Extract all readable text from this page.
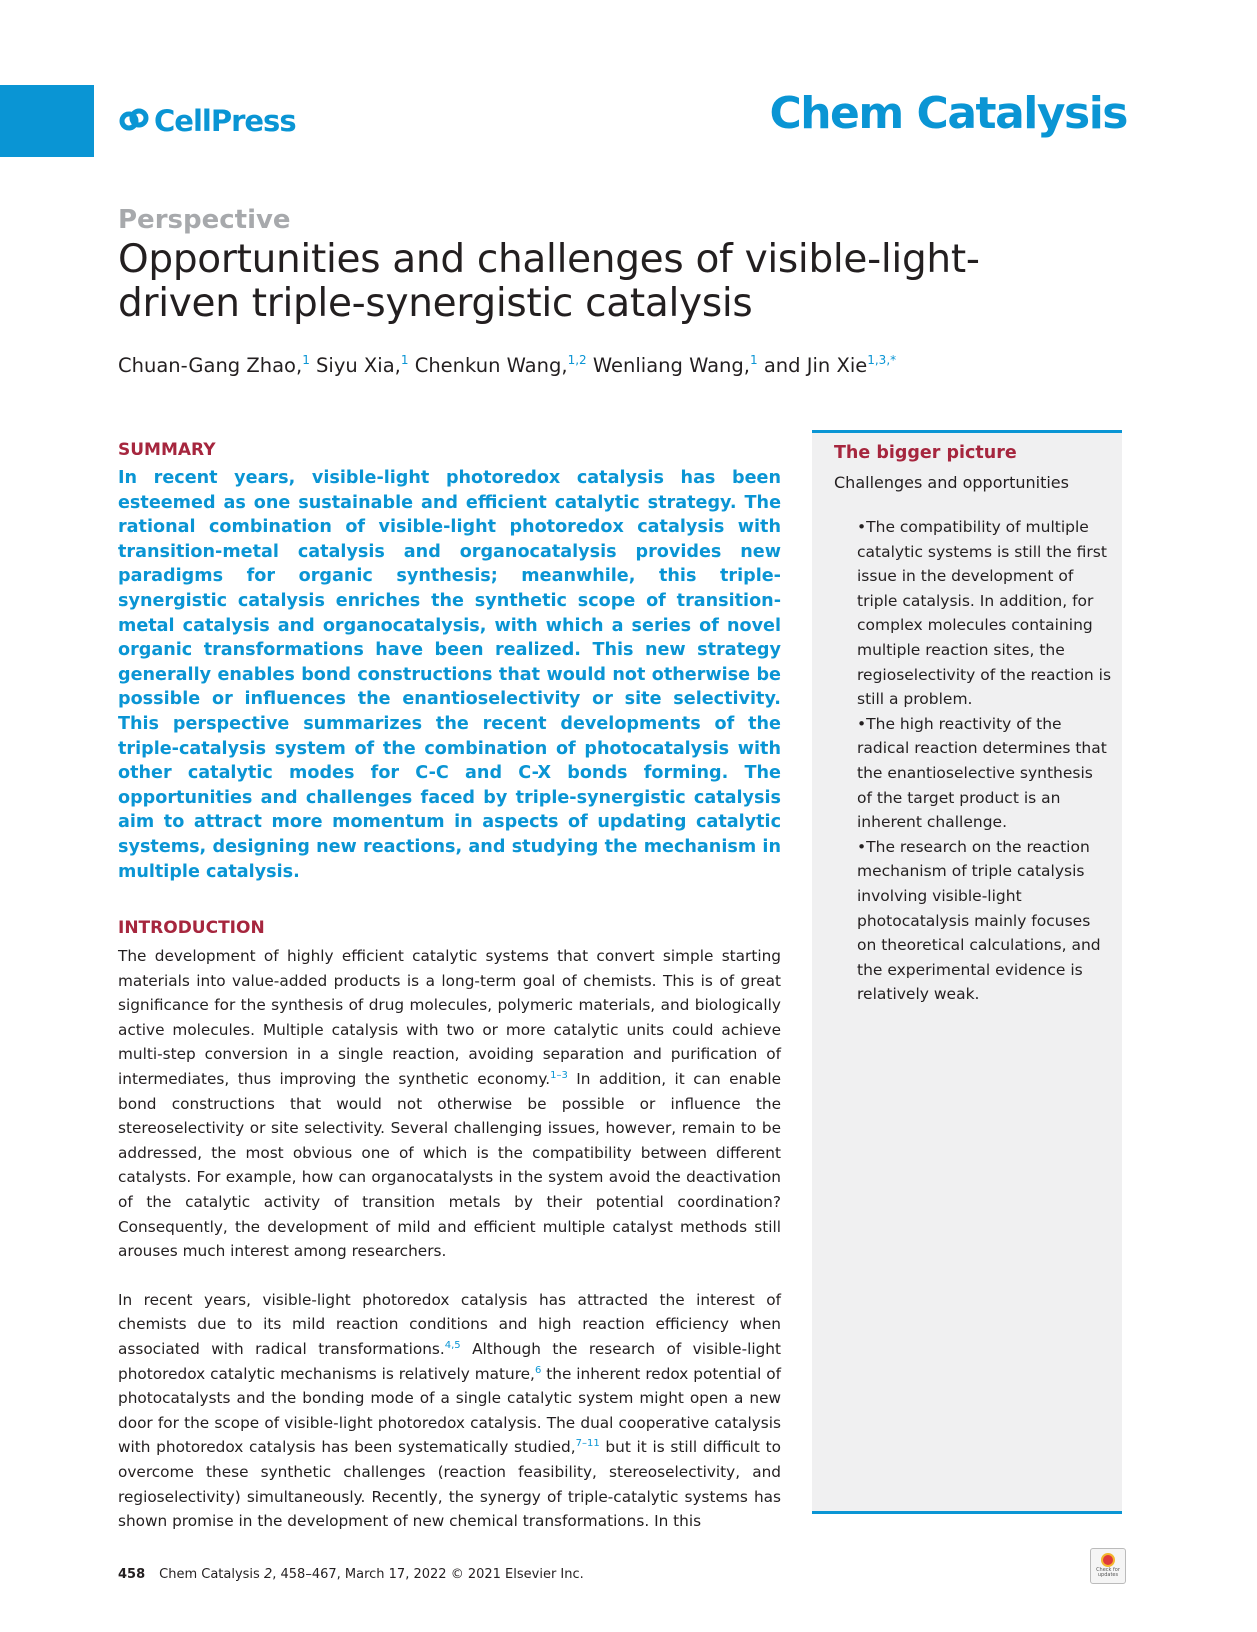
CellPress	Chem Catalysis
Perspective
Opportunities and challenges of visible-light-driven triple-synergistic catalysis
Chuan-Gang Zhao,$^1$ Siyu Xia,$^1$ Chenkun Wang,$^{1,2}$ Wenliang Wang,$^1$ and Jin Xie$^{1,3,*}$
SUMMARY

In recent years, visible-light photoredox catalysis has been esteemed as one sustainable and efficient catalytic strategy. The rational combination of visible-light photoredox catalysis with transition-metal catalysis and organocatalysis provides new paradigms for organic synthesis; meanwhile, this triple-synergistic catalysis enriches the synthetic scope of transition-metal catalysis and organocatalysis, with which a series of novel organic transformations have been realized. This new strategy generally enables bond constructions that would not otherwise be possible or influences the enantioselectivity or site selectivity. This perspective summarizes the recent developments of the triple-catalysis system of the combination of photocatalysis with other catalytic modes for C-C and C-X bonds forming. The opportunities and challenges faced by triple-synergistic catalysis aim to attract more momentum in aspects of updating catalytic systems, designing new reactions, and studying the mechanism in multiple catalysis.

INTRODUCTION

The development of highly efficient catalytic systems that convert simple starting materials into value-added products is a long-term goal of chemists. This is of great significance for the synthesis of drug molecules, polymeric materials, and biologically active molecules. Multiple catalysis with two or more catalytic units could achieve multi-step conversion in a single reaction, avoiding separation and purification of intermediates, thus improving the synthetic economy.$^{1-3}$ In addition, it can enable bond constructions that would not otherwise be possible or influence the stereoselectivity or site selectivity. Several challenging issues, however, remain to be addressed, the most obvious one of which is the compatibility between different catalysts. For example, how can organocatalysts in the system avoid the deactivation of the catalytic activity of transition metals by their potential coordination? Consequently, the development of mild and efficient multiple catalyst methods still arouses much interest among researchers.

In recent years, visible-light photoredox catalysis has attracted the interest of chemists due to its mild reaction conditions and high reaction efficiency when associated with radical transformations.$^{4,5}$ Although the research of visible-light photoredox catalytic mechanisms is relatively mature,$^6$ the inherent redox potential of photocatalysts and the bonding mode of a single catalytic system might open a new door for the scope of visible-light photoredox catalysis. The dual cooperative catalysis with photoredox catalysis has been systematically studied,$^{7-11}$ but it is still difficult to overcome these synthetic challenges (reaction feasibility, stereoselectivity, and regioselectivity) simultaneously. Recently, the synergy of triple-catalytic systems has shown promise in the development of new chemical transformations. In this

The bigger picture
Challenges and opportunities
• The compatibility of multiple catalytic systems is still the first issue in the development of triple catalysis. In addition, for complex molecules containing multiple reaction sites, the regioselectivity of the reaction is still a problem.
• The high reactivity of the radical reaction determines that the enantioselective synthesis of the target product is an inherent challenge.
• The research on the reaction mechanism of triple catalysis involving visible-light photocatalysis mainly focuses on theoretical calculations, and the experimental evidence is relatively weak.
458 Chem Catalysis 2, 458–467, March 17, 2022 © 2021 Elsevier Inc.	Check for updates
